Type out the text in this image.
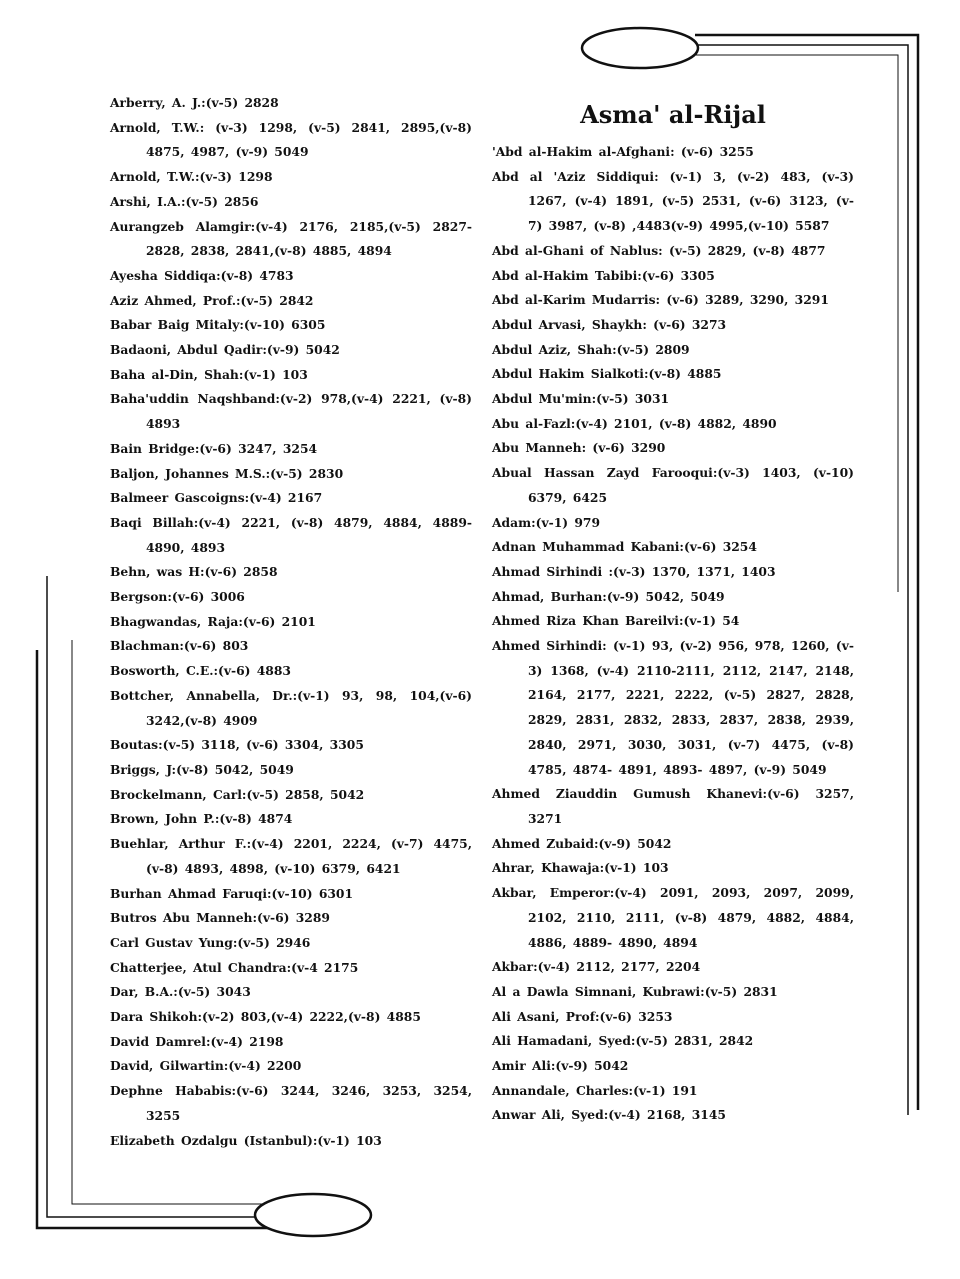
Asma' al-Rijal
Arberry, A. J.:(v-5) 2828
Arnold, T.W.: (v-3) 1298, (v-5) 2841, 2895,(v-8) 4875, 4987, (v-9) 5049
Arnold, T.W.:(v-3) 1298
Arshi, I.A.:(v-5) 2856
Aurangzeb Alamgir:(v-4) 2176, 2185,(v-5) 2827-2828, 2838, 2841,(v-8) 4885, 4894
Ayesha Siddiqa:(v-8) 4783
Aziz Ahmed, Prof.:(v-5) 2842
Babar Baig Mitaly:(v-10) 6305
Badaoni, Abdul Qadir:(v-9) 5042
Baha al-Din, Shah:(v-1) 103
Baha'uddin Naqshband:(v-2) 978,(v-4) 2221, (v-8) 4893
Bain Bridge:(v-6) 3247, 3254
Baljon, Johannes M.S.:(v-5) 2830
Balmeer Gascoigns:(v-4) 2167
Baqi Billah:(v-4) 2221, (v-8) 4879, 4884, 4889-4890, 4893
Behn, was H:(v-6) 2858
Bergson:(v-6) 3006
Bhagwandas, Raja:(v-6) 2101
Blachman:(v-6) 803
Bosworth, C.E.:(v-6) 4883
Bottcher, Annabella, Dr.:(v-1) 93, 98, 104,(v-6) 3242,(v-8) 4909
Boutas:(v-5) 3118, (v-6) 3304, 3305
Briggs, J:(v-8) 5042, 5049
Brockelmann, Carl:(v-5) 2858, 5042
Brown, John P.:(v-8) 4874
Buehlar, Arthur F.:(v-4) 2201, 2224, (v-7) 4475, (v-8) 4893, 4898, (v-10) 6379, 6421
Burhan Ahmad Faruqi:(v-10) 6301
Butros Abu Manneh:(v-6) 3289
Carl Gustav Yung:(v-5) 2946
Chatterjee, Atul Chandra:(v-4 2175
Dar, B.A.:(v-5) 3043
Dara Shikoh:(v-2) 803,(v-4) 2222,(v-8) 4885
David Damrel:(v-4) 2198
David, Gilwartin:(v-4) 2200
Dephne Hababis:(v-6) 3244, 3246, 3253, 3254, 3255
Elizabeth Ozdalgu (Istanbul):(v-1) 103
'Abd al-Hakim al-Afghani: (v-6) 3255
Abd al 'Aziz Siddiqui: (v-1) 3, (v-2) 483, (v-3) 1267, (v-4) 1891, (v-5) 2531, (v-6) 3123, (v-7) 3987, (v-8) ,4483(v-9) 4995,(v-10) 5587
Abd al-Ghani of Nablus: (v-5) 2829, (v-8) 4877
Abd al-Hakim Tabibi:(v-6) 3305
Abd al-Karim Mudarris: (v-6) 3289, 3290, 3291
Abdul Arvasi, Shaykh: (v-6) 3273
Abdul Aziz, Shah:(v-5) 2809
Abdul Hakim Sialkoti:(v-8) 4885
Abdul Mu'min:(v-5) 3031
Abu al-Fazl:(v-4) 2101, (v-8) 4882, 4890
Abu Manneh: (v-6) 3290
Abual Hassan Zayd Farooqui:(v-3) 1403, (v-10) 6379, 6425
Adam:(v-1) 979
Adnan Muhammad Kabani:(v-6) 3254
Ahmad Sirhindi :(v-3) 1370, 1371, 1403
Ahmad, Burhan:(v-9) 5042, 5049
Ahmed Riza Khan Bareilvi:(v-1) 54
Ahmed Sirhindi: (v-1) 93, (v-2) 956, 978, 1260, (v-3) 1368, (v-4) 2110-2111, 2112, 2147, 2148, 2164, 2177, 2221, 2222, (v-5) 2827, 2828, 2829, 2831, 2832, 2833, 2837, 2838, 2939, 2840, 2971, 3030, 3031, (v-7) 4475, (v-8) 4785, 4874- 4891, 4893- 4897, (v-9) 5049
Ahmed Ziauddin Gumush Khanevi:(v-6) 3257, 3271
Ahmed Zubaid:(v-9) 5042
Ahrar, Khawaja:(v-1) 103
Akbar, Emperor:(v-4) 2091, 2093, 2097, 2099, 2102, 2110, 2111, (v-8) 4879, 4882, 4884, 4886, 4889- 4890, 4894
Akbar:(v-4) 2112, 2177, 2204
Al a Dawla Simnani, Kubrawi:(v-5) 2831
Ali Asani, Prof:(v-6) 3253
Ali Hamadani, Syed:(v-5) 2831, 2842
Amir Ali:(v-9) 5042
Annandale, Charles:(v-1) 191
Anwar Ali, Syed:(v-4) 2168, 3145
